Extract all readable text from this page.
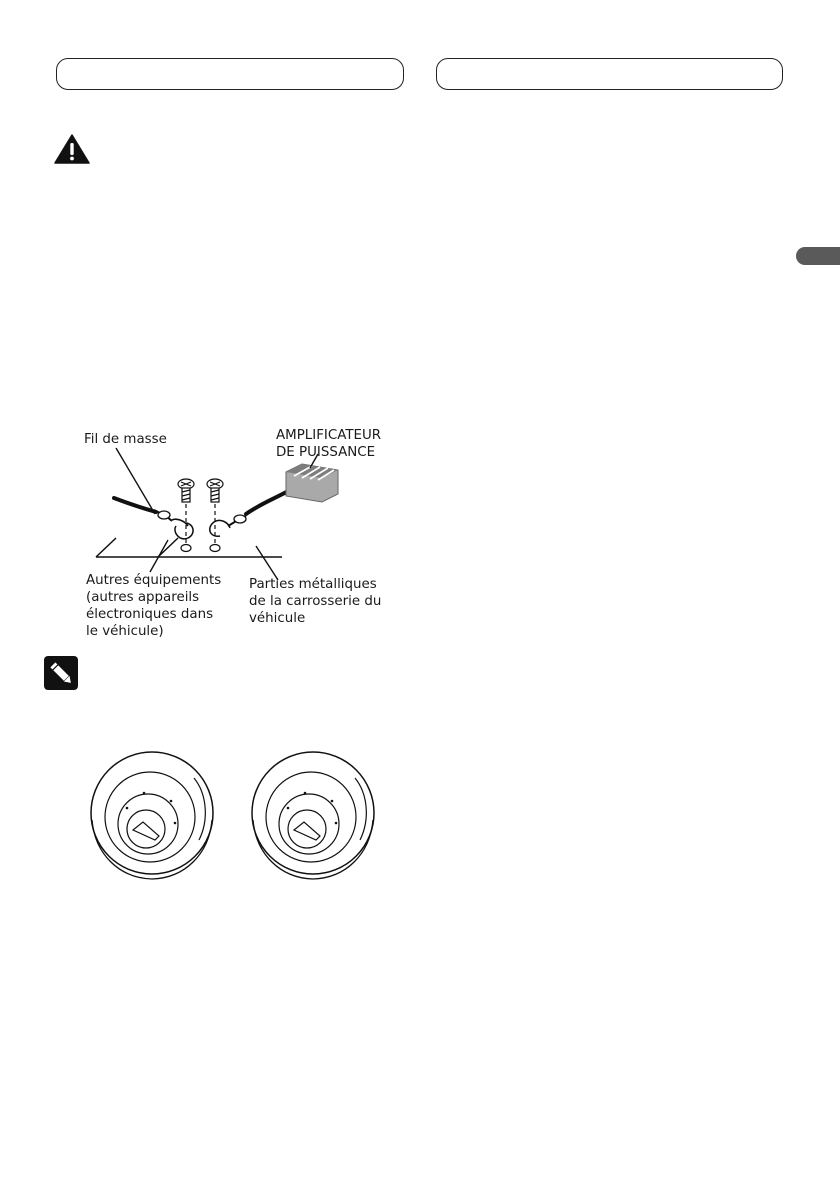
Fil de masse	AMPLIFICATEUR
DE PUISSANCE
Autres équipements
(autres appareils
électroniques dans
le véhicule)
Parties métalliques
de la carrosserie du
véhicule
